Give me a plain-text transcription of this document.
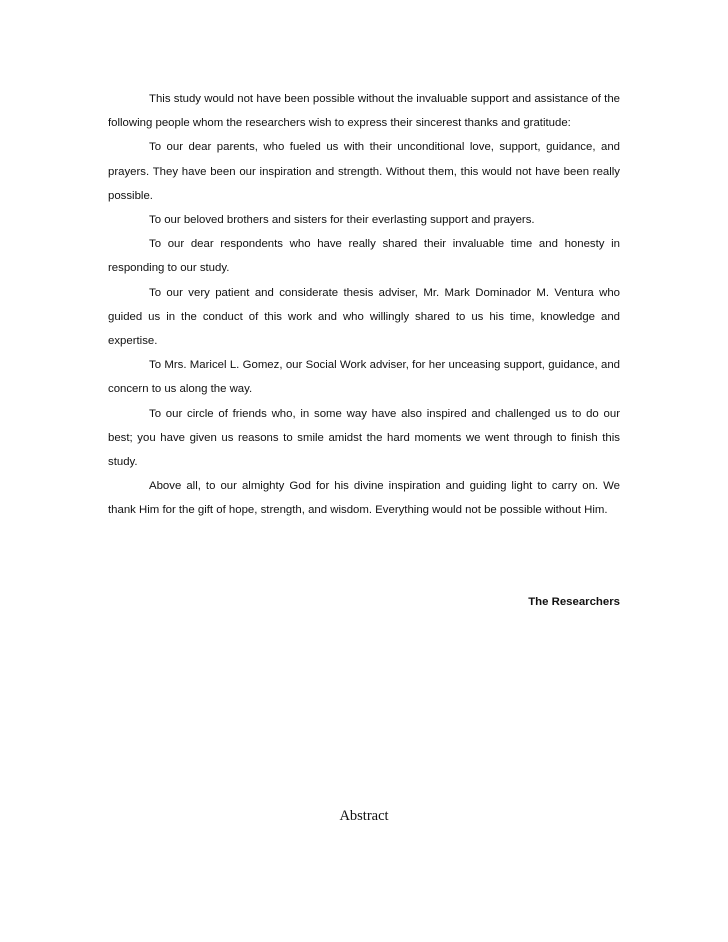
This study would not have been possible without the invaluable support and assistance of the following people whom the researchers wish to express their sincerest thanks and gratitude:

To our dear parents, who fueled us with their unconditional love, support, guidance, and prayers. They have been our inspiration and strength. Without them, this would not have been really possible.

To our beloved brothers and sisters for their everlasting support and prayers.

To our dear respondents who have really shared their invaluable time and honesty in responding to our study.

To our very patient and considerate thesis adviser, Mr. Mark Dominador M. Ventura who guided us in the conduct of this work and who willingly shared to us his time, knowledge and expertise.

To Mrs. Maricel L. Gomez, our Social Work adviser, for her unceasing support, guidance, and concern to us along the way.

To our circle of friends who, in some way have also inspired and challenged us to do our best; you have given us reasons to smile amidst the hard moments we went through to finish this study.

Above all, to our almighty God for his divine inspiration and guiding light to carry on. We thank Him for the gift of hope, strength, and wisdom. Everything would not be possible without Him.

The Researchers
Abstract
